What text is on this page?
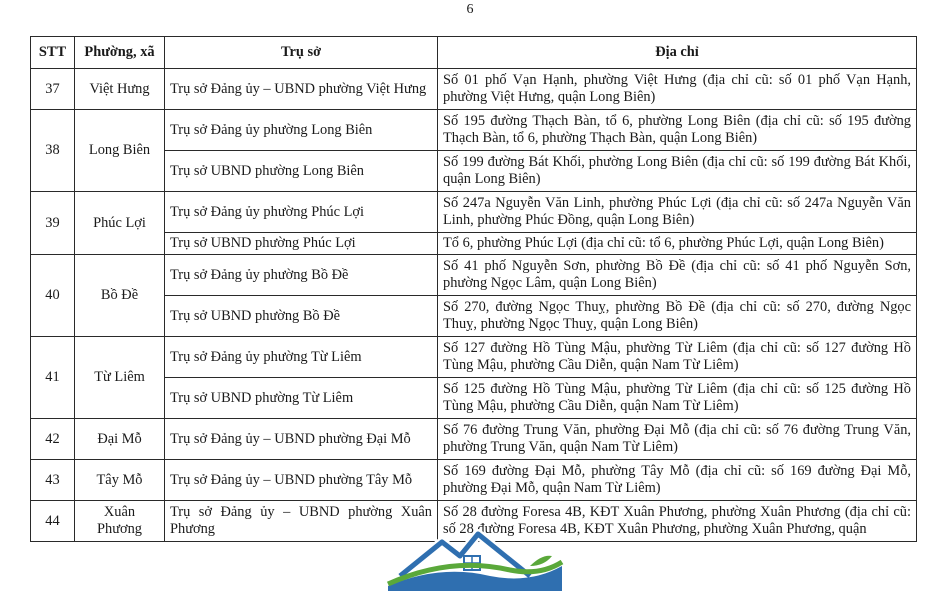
6
STT	Phường, xã	Trụ sở	Địa chỉ
37	Việt Hưng	Trụ sở Đảng ủy – UBND phường Việt Hưng	Số 01 phố Vạn Hạnh, phường Việt Hưng (địa chỉ cũ: số 01 phố Vạn Hạnh, phường Việt Hưng, quận Long Biên)
38	Long Biên	Trụ sở Đảng ủy phường Long Biên	Số 195 đường Thạch Bàn, tổ 6, phường Long Biên (địa chỉ cũ: số 195 đường Thạch Bàn, tổ 6, phường Thạch Bàn, quận Long Biên)
		Trụ sở UBND phường Long Biên	Số 199 đường Bát Khối, phường Long Biên (địa chỉ cũ: số 199 đường Bát Khối, quận Long Biên)
39	Phúc Lợi	Trụ sở Đảng ủy phường Phúc Lợi	Số 247a Nguyễn Văn Linh, phường Phúc Lợi (địa chỉ cũ: số 247a Nguyễn Văn Linh, phường Phúc Đồng, quận Long Biên)
		Trụ sở UBND phường Phúc Lợi	Tổ 6, phường Phúc Lợi (địa chỉ cũ: tổ 6, phường Phúc Lợi, quận Long Biên)
40	Bồ Đề	Trụ sở Đảng ủy phường Bồ Đề	Số 41 phố Nguyễn Sơn, phường Bồ Đề (địa chỉ cũ: số 41 phố Nguyễn Sơn, phường Ngọc Lâm, quận Long Biên)
		Trụ sở UBND phường Bồ Đề	Số 270, đường Ngọc Thuỵ, phường Bồ Đề (địa chỉ cũ: số 270, đường Ngọc Thuỵ, phường Ngọc Thuỵ, quận Long Biên)
41	Từ Liêm	Trụ sở Đảng ủy phường Từ Liêm	Số 127 đường Hồ Tùng Mậu, phường Từ Liêm (địa chỉ cũ: số 127 đường Hồ Tùng Mậu, phường Cầu Diễn, quận Nam Từ Liêm)
		Trụ sở UBND phường Từ Liêm	Số 125 đường Hồ Tùng Mậu, phường Từ Liêm (địa chỉ cũ: số 125 đường Hồ Tùng Mậu, phường Cầu Diễn, quận Nam Từ Liêm)
42	Đại Mỗ	Trụ sở Đảng ủy – UBND phường Đại Mỗ	Số 76 đường Trung Văn, phường Đại Mỗ (địa chỉ cũ: số 76 đường Trung Văn, phường Trung Văn, quận Nam Từ Liêm)
43	Tây Mỗ	Trụ sở Đảng ủy – UBND phường Tây Mỗ	Số 169 đường Đại Mỗ, phường Tây Mỗ (địa chỉ cũ: số 169 đường Đại Mỗ, phường Đại Mỗ, quận Nam Từ Liêm)
44	Xuân Phương	Trụ sở Đảng ủy – UBND phường Xuân Phương	Số 28 đường Foresa 4B, KĐT Xuân Phương, phường Xuân Phương (địa chỉ cũ: số 28 đường Foresa 4B, KĐT Xuân Phương, phường Xuân Phương, quận
